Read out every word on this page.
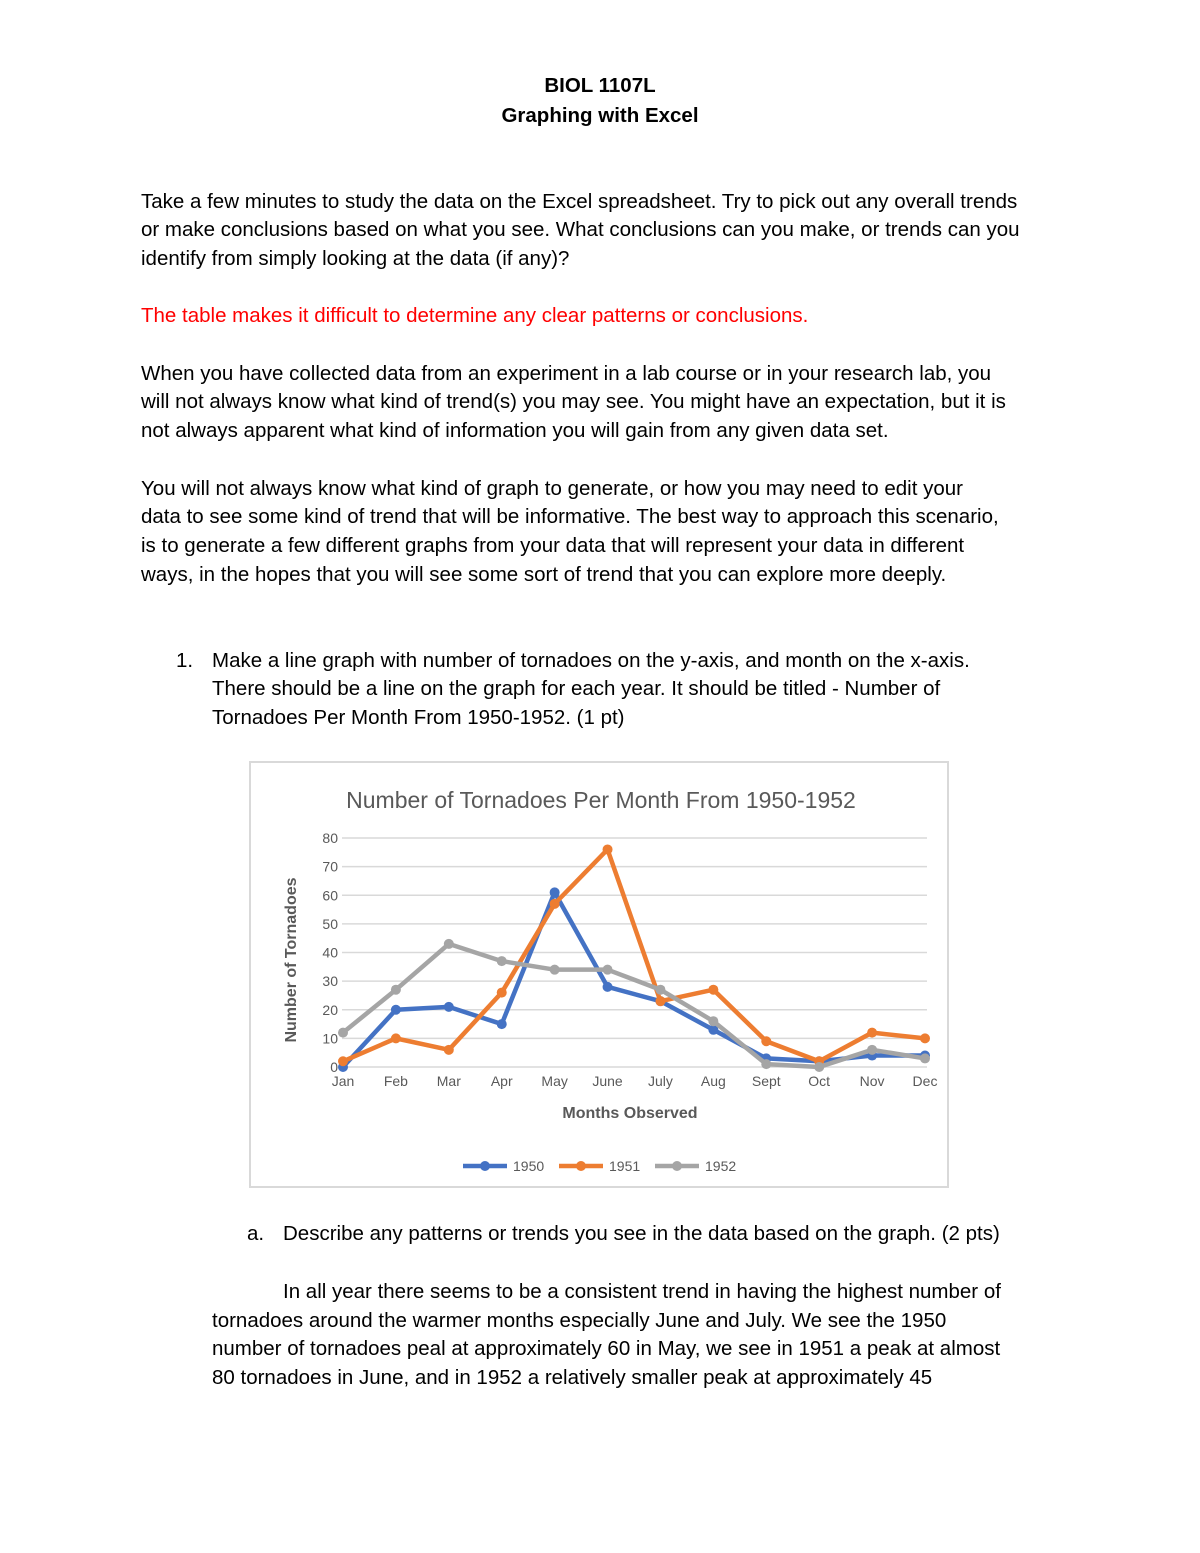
BIOL 1107L
Graphing with Excel
Take a few minutes to study the data on the Excel spreadsheet. Try to pick out any overall trends
or make conclusions based on what you see. What conclusions can you make, or trends can you
identify from simply looking at the data (if any)?
The table makes it difficult to determine any clear patterns or conclusions.
When you have collected data from an experiment in a lab course or in your research lab, you
will not always know what kind of trend(s) you may see. You might have an expectation, but it is
not always apparent what kind of information you will gain from any given data set.
You will not always know what kind of graph to generate, or how you may need to edit your
data to see some kind of trend that will be informative. The best way to approach this scenario,
is to generate a few different graphs from your data that will represent your data in different
ways, in the hopes that you will see some sort of trend that you can explore more deeply.
1. Make a line graph with number of tornadoes on the y-axis, and month on the x-axis.
There should be a line on the graph for each year. It should be titled - Number of
Tornadoes Per Month From 1950-1952. (1 pt)
Number of Tornadoes Per Month From 1950-1952
0
10
20
30
40
50
60
70
80
Jan Feb Mar Apr May June July Aug Sept Oct Nov Dec
Months Observed
Number of Tornadoes
1950	1951	1952
a. Describe any patterns or trends you see in the data based on the graph. (2 pts)
In all year there seems to be a consistent trend in having the highest number of
tornadoes around the warmer months especially June and July. We see the 1950
number of tornadoes peal at approximately 60 in May, we see in 1951 a peak at almost
80 tornadoes in June, and in 1952 a relatively smaller peak at approximately 45
